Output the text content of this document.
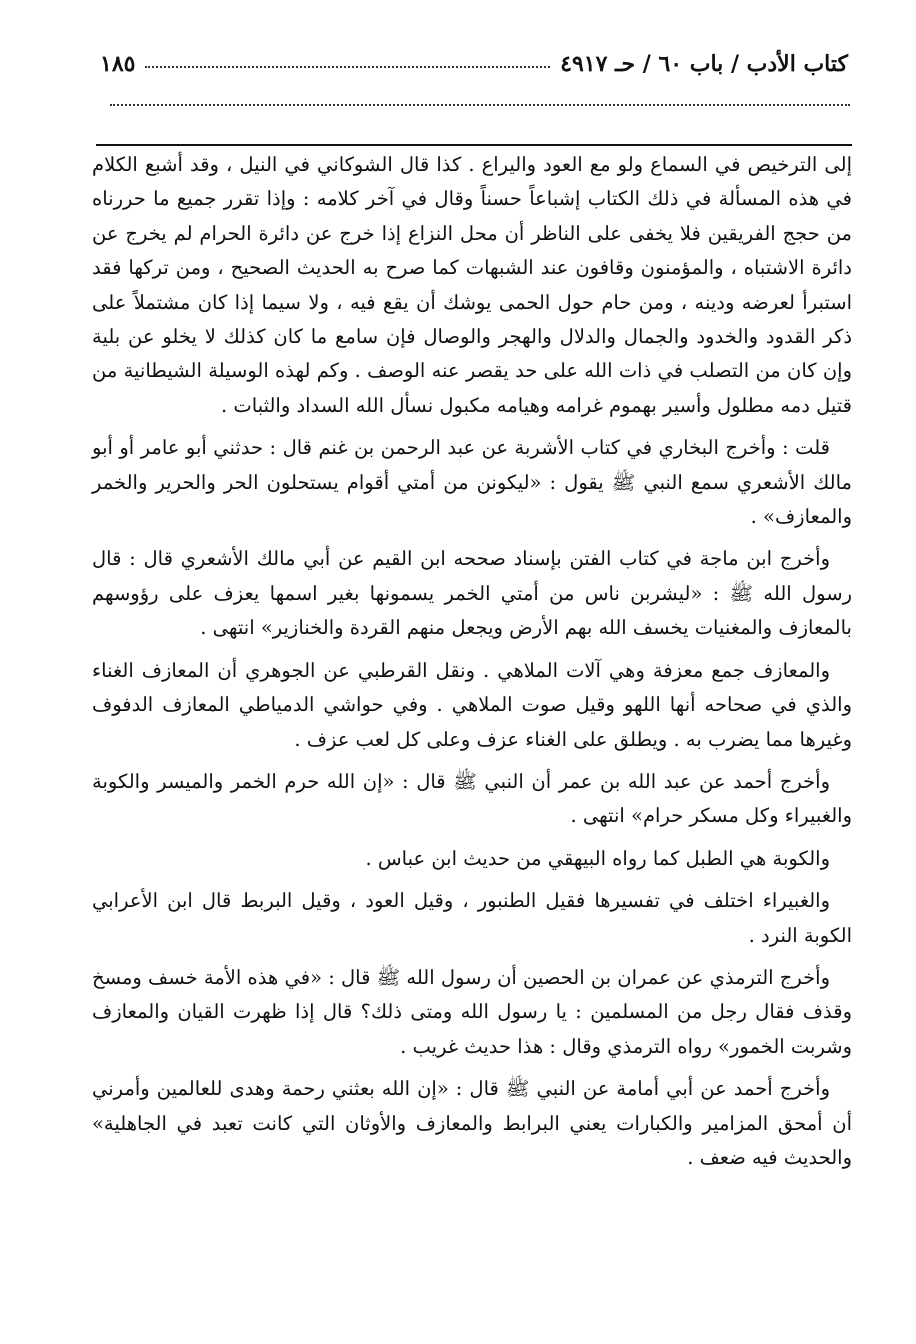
كتاب الأدب / باب ٦٠ / حـ ٤٩١٧
١٨٥

إلى الترخيص في السماع ولو مع العود واليراع . كذا قال الشوكاني في النيل ، وقد أشبع الكلام في هذه المسألة في ذلك الكتاب إشباعاً حسناً وقال في آخر كلامه : وإذا تقرر جميع ما حررناه من حجج الفريقين فلا يخفى على الناظر أن محل النزاع إذا خرج عن دائرة الحرام لم يخرج عن دائرة الاشتباه ، والمؤمنون وقافون عند الشبهات كما صرح به الحديث الصحيح ، ومن تركها فقد استبرأ لعرضه ودينه ، ومن حام حول الحمى يوشك أن يقع فيه ، ولا سيما إذا كان مشتملاً على ذكر القدود والخدود والجمال والدلال والهجر والوصال فإن سامع ما كان كذلك لا يخلو عن بلية وإن كان من التصلب في ذات الله على حد يقصر عنه الوصف . وكم لهذه الوسيلة الشيطانية من قتيل دمه مطلول وأسير بهموم غرامه وهيامه مكبول نسأل الله السداد والثبات .

قلت : وأخرج البخاري في كتاب الأشربة عن عبد الرحمن بن غنم قال : حدثني أبو عامر أو أبو مالك الأشعري سمع النبي ﷺ يقول : «ليكونن من أمتي أقوام يستحلون الحر والحرير والخمر والمعازف» .

وأخرج ابن ماجة في كتاب الفتن بإسناد صححه ابن القيم عن أبي مالك الأشعري قال : قال رسول الله ﷺ : «ليشربن ناس من أمتي الخمر يسمونها بغير اسمها يعزف على رؤوسهم بالمعازف والمغنيات يخسف الله بهم الأرض ويجعل منهم القردة والخنازير» انتهى .

والمعازف جمع معزفة وهي آلات الملاهي . ونقل القرطبي عن الجوهري أن المعازف الغناء والذي في صحاحه أنها اللهو وقيل صوت الملاهي . وفي حواشي الدمياطي المعازف الدفوف وغيرها مما يضرب به . ويطلق على الغناء عزف وعلى كل لعب عزف .

وأخرج أحمد عن عبد الله بن عمر أن النبي ﷺ قال : «إن الله حرم الخمر والميسر والكوبة والغبيراء وكل مسكر حرام» انتهى .

والكوبة هي الطبل كما رواه البيهقي من حديث ابن عباس .

والغبيراء اختلف في تفسيرها فقيل الطنبور ، وقيل العود ، وقيل البربط قال ابن الأعرابي الكوبة النرد .

وأخرج الترمذي عن عمران بن الحصين أن رسول الله ﷺ قال : «في هذه الأمة خسف ومسخ وقذف فقال رجل من المسلمين : يا رسول الله ومتى ذلك؟ قال إذا ظهرت القيان والمعازف وشربت الخمور» رواه الترمذي وقال : هذا حديث غريب .

وأخرج أحمد عن أبي أمامة عن النبي ﷺ قال : «إن الله بعثني رحمة وهدى للعالمين وأمرني أن أمحق المزامير والكبارات يعني البرابط والمعازف والأوثان التي كانت تعبد في الجاهلية» والحديث فيه ضعف .
